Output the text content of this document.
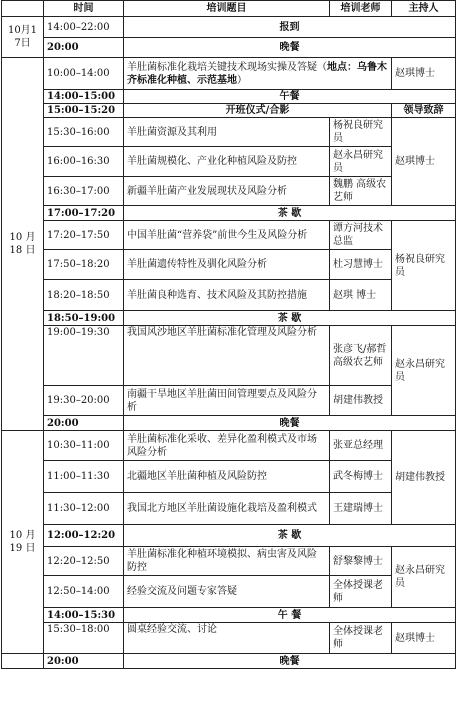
	时间	培训题目	培训老师	主持人
10月17日	14:00–22:00	报到		
	20:00	晚餐		

10 月 18 日	10:00–14:00	羊肚菌标准化栽培关键技术现场实操及答疑（地点：乌鲁木齐标准化种植、示范基地）		赵琪博士
	14:00–15:00	午餐		
	15:00–15:20	开班仪式/合影		领导致辞
	15:30–16:00	羊肚菌资源及其利用	杨祝良研究员	赵琪博士
	16:00–16:30	羊肚菌规模化、产业化种植风险及防控	赵永昌研究员	
	16:30–17:00	新疆羊肚菌产业发展现状及风险分析	魏鹏 高级农艺师	
	17:00–17:20	茶 歇		
	17:20–17:50	中国羊肚菌“营养袋”前世今生及风险分析	谭方河技术总监	杨祝良研究员
	17:50–18:20	羊肚菌遗传特性及驯化风险分析	杜习慧博士	
	18:20–18:50	羊肚菌良种选育、技术风险及其防控措施	赵琪 博士	
	18:50–19:00	茶 歇		
	19:00–19:30	我国风沙地区羊肚菌标准化管理及风险分析	张彦飞/郝哲高级农艺师	赵永昌研究员
	19:30–20:00	南疆干旱地区羊肚菌田间管理要点及风险分析	胡建伟教授	
	20:00	晚餐		

10 月 19 日	10:30–11:00	羊肚菌标准化采收、差异化盈利模式及市场风险分析	张亚总经理	胡建伟教授
	11:00–11:30	北疆地区羊肚菌种植及风险防控	武冬梅博士	
	11:30–12:00	我国北方地区羊肚菌设施化栽培及盈利模式	王建瑞博士	
	12:00–12:20	茶 歇		
	12:20–12:50	羊肚菌标准化种植环境模拟、病虫害及风险防控	舒黎黎博士	赵永昌研究员
	12:50–14:00	经验交流及问题专家答疑	全体授课老师	
	14:00–15:30	午 餐		
	15:30–18:00	圆桌经验交流、讨论	全体授课老师	赵琪博士

	20:00	晚餐		
